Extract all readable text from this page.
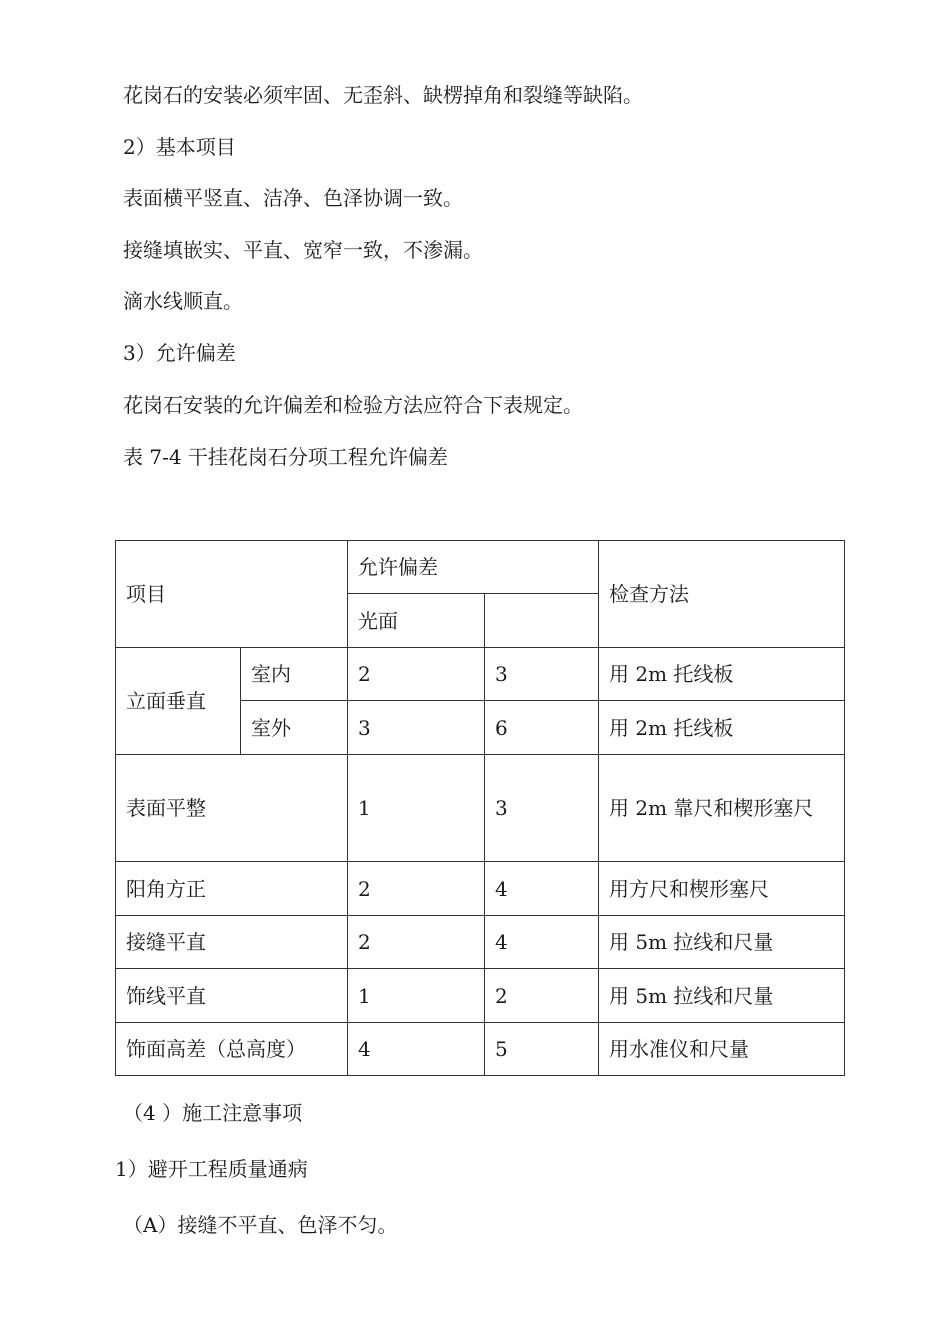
花岗石的安装必须牢固、无歪斜、缺楞掉角和裂缝等缺陷。
2）基本项目
表面横平竖直、洁净、色泽协调一致。
接缝填嵌实、平直、宽窄一致，不渗漏。
滴水线顺直。
3）允许偏差
花岗石安装的允许偏差和检验方法应符合下表规定。
表 7-4 干挂花岗石分项工程允许偏差
项目		允许偏差		检查方法
		光面		
立面垂直	室内	2	3	用 2m 托线板
	室外	3	6	用 2m 托线板
表面平整		1	3	用 2m 靠尺和楔形塞尺
阳角方正		2	4	用方尺和楔形塞尺
接缝平直		2	4	用 5m 拉线和尺量
饰线平直		1	2	用 5m 拉线和尺量
饰面高差（总高度）		4	5	用水准仪和尺量
（4 ）施工注意事项
1）避开工程质量通病
（A）接缝不平直、色泽不匀。
